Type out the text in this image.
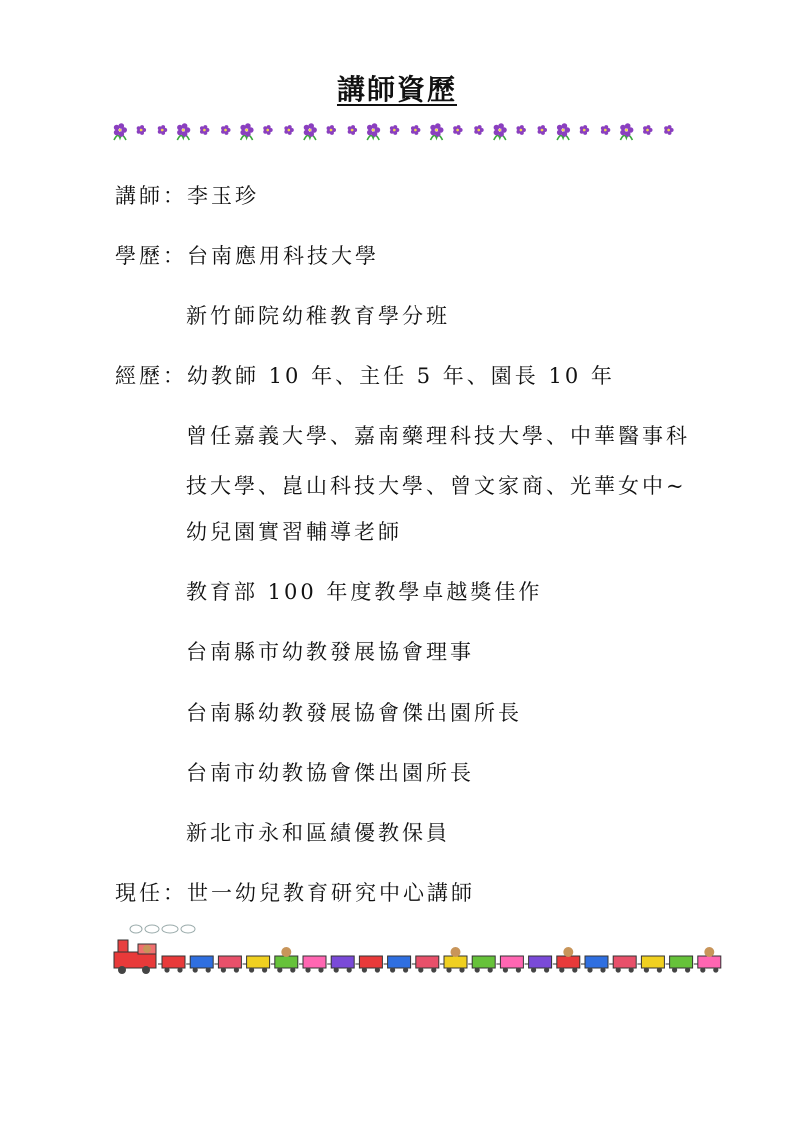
講師資歷
講師：李玉珍
學歷：台南應用科技大學
新竹師院幼稚教育學分班
經歷：幼教師 10 年、主任 5 年、園長 10 年
曾任嘉義大學、嘉南藥理科技大學、中華醫事科
技大學、崑山科技大學、曾文家商、光華女中~
幼兒園實習輔導老師
教育部 100 年度教學卓越獎佳作
台南縣市幼教發展協會理事
台南縣幼教發展協會傑出園所長
台南市幼教協會傑出園所長
新北市永和區績優教保員
現任：世一幼兒教育研究中心講師
